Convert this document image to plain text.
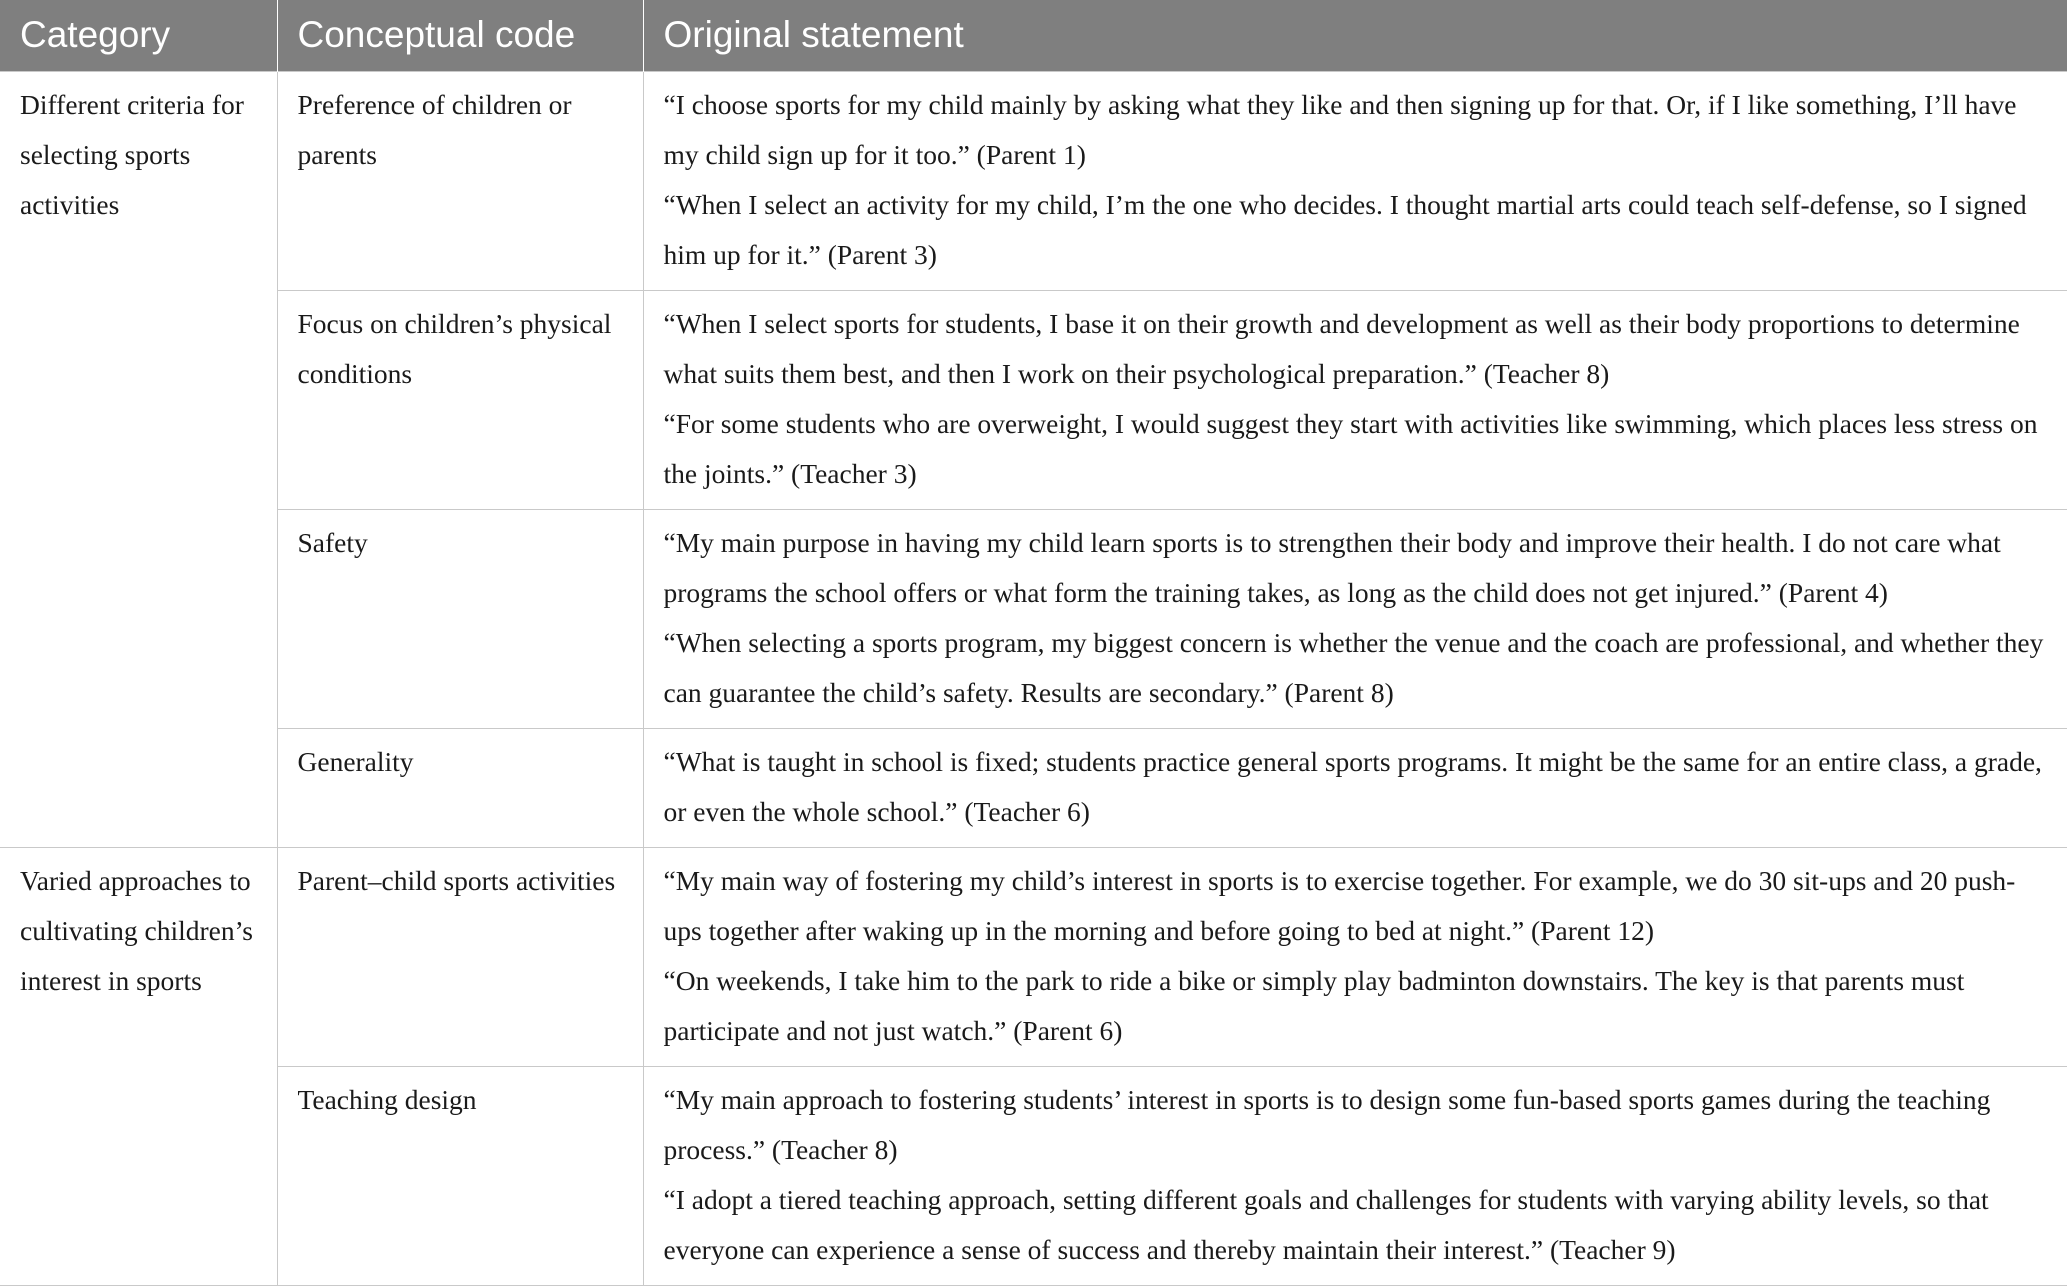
Category	Conceptual code	Original statement
Different criteria for selecting sports activities	Preference of children or parents	“I choose sports for my child mainly by asking what they like and then signing up for that. Or, if I like something, I’ll have my child sign up for it too.” (Parent 1)
“When I select an activity for my child, I’m the one who decides. I thought martial arts could teach self-defense, so I signed him up for it.” (Parent 3)

	Focus on children’s physical conditions	“When I select sports for students, I base it on their growth and development as well as their body proportions to determine what suits them best, and then I work on their psychological preparation.” (Teacher 8)
“For some students who are overweight, I would suggest they start with activities like swimming, which places less stress on the joints.” (Teacher 3)

	Safety	“My main purpose in having my child learn sports is to strengthen their body and improve their health. I do not care what programs the school offers or what form the training takes, as long as the child does not get injured.” (Parent 4)
“When selecting a sports program, my biggest concern is whether the venue and the coach are professional, and whether they can guarantee the child’s safety. Results are secondary.” (Parent 8)

	Generality	“What is taught in school is fixed; students practice general sports programs. It might be the same for an entire class, a grade, or even the whole school.” (Teacher 6)

Varied approaches to cultivating children’s interest in sports	Parent–child sports activities	“My main way of fostering my child’s interest in sports is to exercise together. For example, we do 30 sit-ups and 20 push-ups together after waking up in the morning and before going to bed at night.” (Parent 12)
“On weekends, I take him to the park to ride a bike or simply play badminton downstairs. The key is that parents must participate and not just watch.” (Parent 6)

	Teaching design	“My main approach to fostering students’ interest in sports is to design some fun-based sports games during the teaching process.” (Teacher 8)
“I adopt a tiered teaching approach, setting different goals and challenges for students with varying ability levels, so that everyone can experience a sense of success and thereby maintain their interest.” (Teacher 9)
